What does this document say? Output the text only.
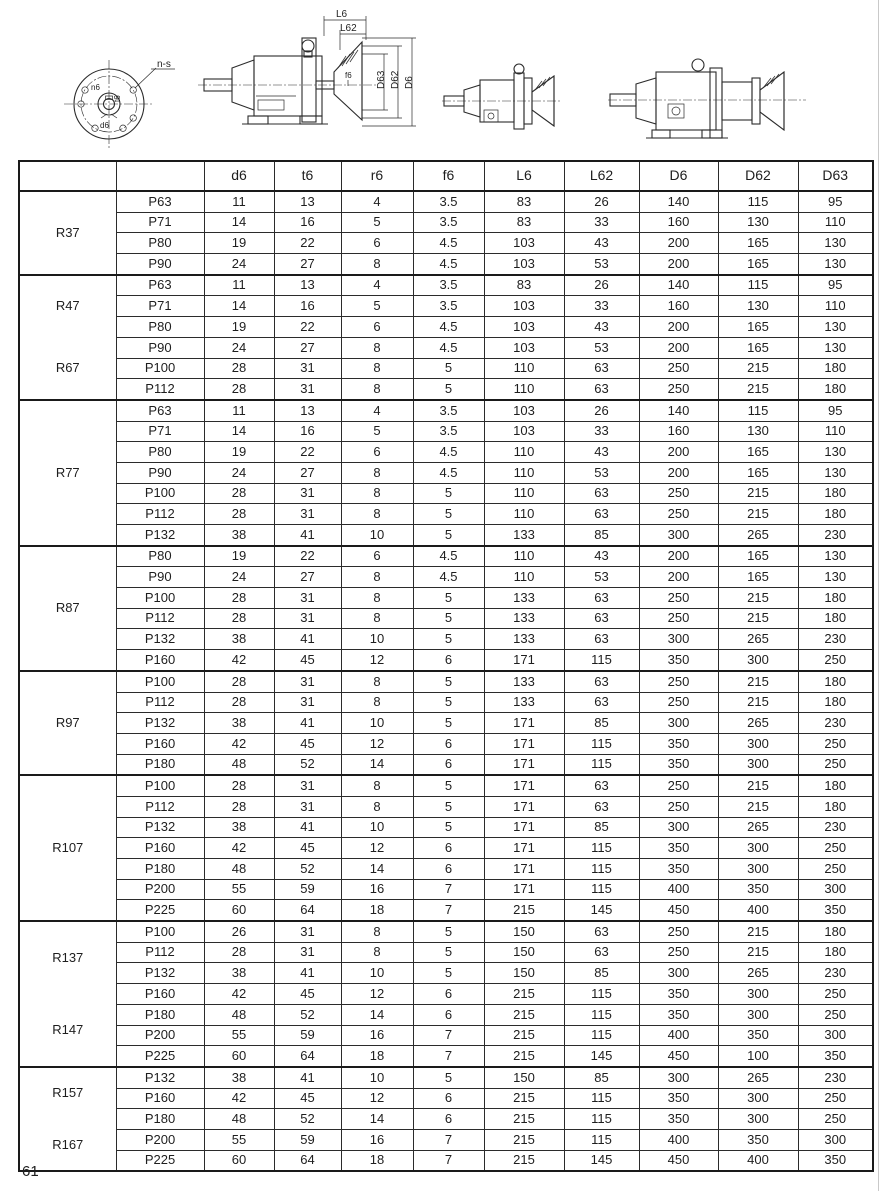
n-s
n6
t6
d6
L6
L62
f6 D63 D62 D6
		d6	t6	r6	f6	L6	L62	D6	D62	D63

R37	P63	11	13	4	3.5	83	26	140	115	95
	P71	14	16	5	3.5	83	33	160	130	110
	P80	19	22	6	4.5	103	43	200	165	130
	P90	24	27	8	4.5	103	53	200	165	130

R47
R67	P63	11	13	4	3.5	83	26	140	115	95
	P71	14	16	5	3.5	103	33	160	130	110
	P80	19	22	6	4.5	103	43	200	165	130
	P90	24	27	8	4.5	103	53	200	165	130
	P100	28	31	8	5	110	63	250	215	180
	P112	28	31	8	5	110	63	250	215	180

R77	P63	11	13	4	3.5	103	26	140	115	95
	P71	14	16	5	3.5	103	33	160	130	110
	P80	19	22	6	4.5	110	43	200	165	130
	P90	24	27	8	4.5	110	53	200	165	130
	P100	28	31	8	5	110	63	250	215	180
	P112	28	31	8	5	110	63	250	215	180
	P132	38	41	10	5	133	85	300	265	230

R87	P80	19	22	6	4.5	110	43	200	165	130
	P90	24	27	8	4.5	110	53	200	165	130
	P100	28	31	8	5	133	63	250	215	180
	P112	28	31	8	5	133	63	250	215	180
	P132	38	41	10	5	133	63	300	265	230
	P160	42	45	12	6	171	115	350	300	250

R97	P100	28	31	8	5	133	63	250	215	180
	P112	28	31	8	5	133	63	250	215	180
	P132	38	41	10	5	171	85	300	265	230
	P160	42	45	12	6	171	115	350	300	250
	P180	48	52	14	6	171	115	350	300	250

R107	P100	28	31	8	5	171	63	250	215	180
	P112	28	31	8	5	171	63	250	215	180
	P132	38	41	10	5	171	85	300	265	230
	P160	42	45	12	6	171	115	350	300	250
	P180	48	52	14	6	171	115	350	300	250
	P200	55	59	16	7	171	115	400	350	300
	P225	60	64	18	7	215	145	450	400	350

R137
R147	P100	26	31	8	5	150	63	250	215	180
	P112	28	31	8	5	150	63	250	215	180
	P132	38	41	10	5	150	85	300	265	230
	P160	42	45	12	6	215	115	350	300	250
	P180	48	52	14	6	215	115	350	300	250
	P200	55	59	16	7	215	115	400	350	300
	P225	60	64	18	7	215	145	450	100	350

R157
R167	P132	38	41	10	5	150	85	300	265	230
	P160	42	45	12	6	215	115	350	300	250
	P180	48	52	14	6	215	115	350	300	250
	P200	55	59	16	7	215	115	400	350	300
	P225	60	64	18	7	215	145	450	400	350
61
